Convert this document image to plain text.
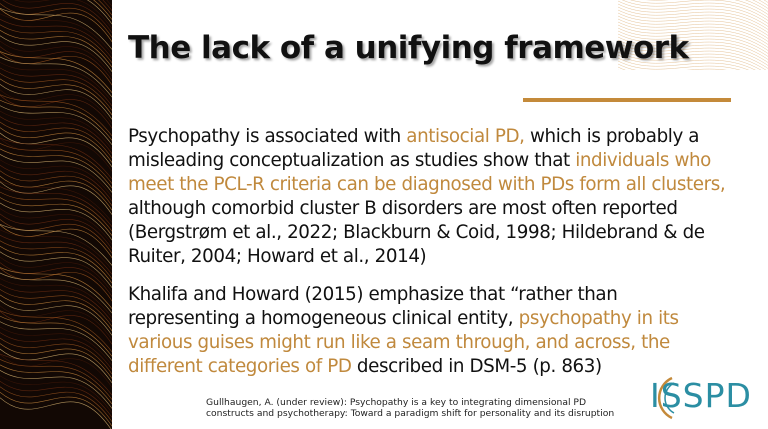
The lack of a unifying framework

Psychopathy is associated with antisocial PD, which is probably a misleading conceptualization as studies show that individuals who meet the PCL-R criteria can be diagnosed with PDs form all clusters, although comorbid cluster B disorders are most often reported (Bergstrøm et al., 2022; Blackburn & Coid, 1998; Hildebrand & de Ruiter, 2004; Howard et al., 2014)

Khalifa and Howard (2015) emphasize that “rather than representing a homogeneous clinical entity, psychopathy in its various guises might run like a seam through, and across, the different categories of PD described in DSM-5 (p. 863)

Gullhaugen, A. (under review): Psychopathy is a key to integrating dimensional PD
constructs and psychotherapy: Toward a paradigm shift for personality and its disruption ISSPD
